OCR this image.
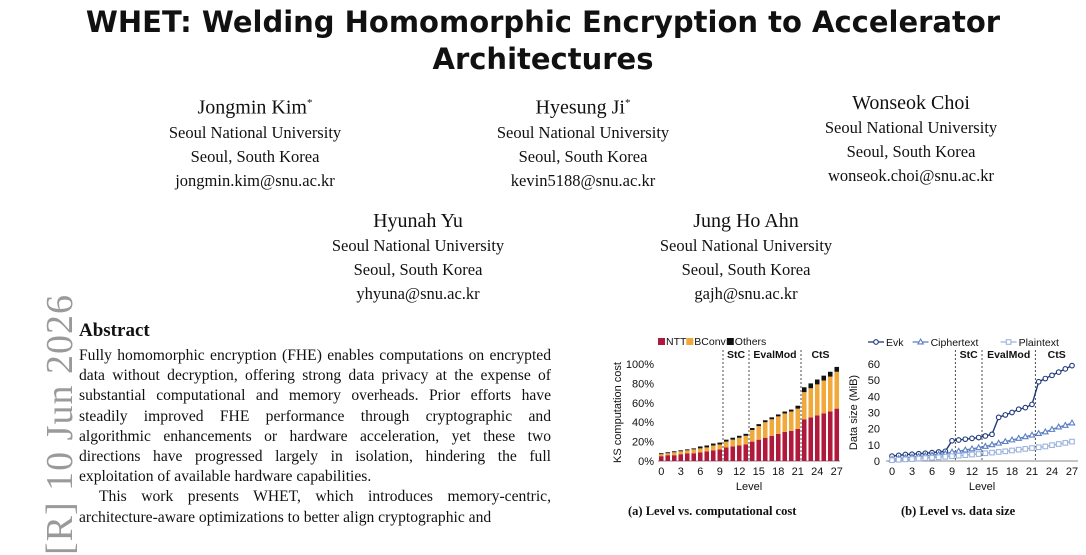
WHET: Welding Homomorphic Encryption to Accelerator
Architectures
Jongmin Kim*
Seoul National University
Seoul, South Korea
jongmin.kim@snu.ac.kr
Hyesung Ji*
Seoul National University
Seoul, South Korea
kevin5188@snu.ac.kr
Wonseok Choi
Seoul National University
Seoul, South Korea
wonseok.choi@snu.ac.kr
Hyunah Yu
Seoul National University
Seoul, South Korea
yhyuna@snu.ac.kr
Jung Ho Ahn
Seoul National University
Seoul, South Korea
gajh@snu.ac.kr
[R] 10 Jun 2026
Abstract

Fully homomorphic encryption (FHE) enables computations on encrypted data without decryption, offering strong data privacy at the expense of substantial computational and memory overheads. Prior efforts have steadily improved FHE performance through cryptographic and algorithmic enhancements or hardware acceleration, yet these two directions have progressed largely in isolation, hindering the full exploitation of available hardware capabilities.

This work presents WHET, which introduces memory-centric, architecture-aware optimizations to better align cryptographic and

NTT BConv Others
0%
20%
40%
60%
80%
100%
StC EvalMod CtS
0 3 6 9 12 15 18 21 24 27
Level
KS computation cost
(a) Level vs. computational cost
Evk	Ciphertext	Plaintext
0
10
20
30
40
50
60
StC EvalMod CtS
0 3 6 9 12 15 18 21 24 27
Level
Data size (MiB)
(b) Level vs. data size
